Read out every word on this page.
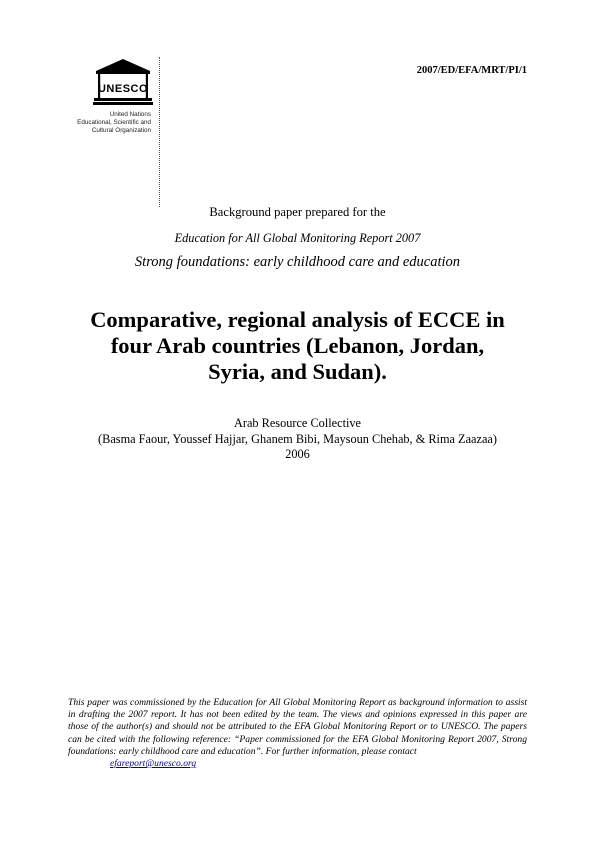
UNESCO
United Nations
Educational, Scientific and
Cultural Organization
2007/ED/EFA/MRT/PI/1
Background paper prepared for the
Education for All Global Monitoring Report 2007
Strong foundations: early childhood care and education
Comparative, regional analysis of ECCE in
four Arab countries (Lebanon, Jordan,
Syria, and Sudan).
Arab Resource Collective
(Basma Faour, Youssef Hajjar, Ghanem Bibi, Maysoun Chehab, & Rima Zaazaa)
2006

This paper was commissioned by the Education for All Global Monitoring Report as background information to assist in drafting the 2007 report. It has not been edited by the team. The views and opinions expressed in this paper are those of the author(s) and should not be attributed to the EFA Global Monitoring Report or to UNESCO. The papers can be cited with the following reference: “Paper commissioned for the EFA Global Monitoring Report 2007, Strong foundations: early childhood care and education”. For further information, please contact

efareport@unesco.org
